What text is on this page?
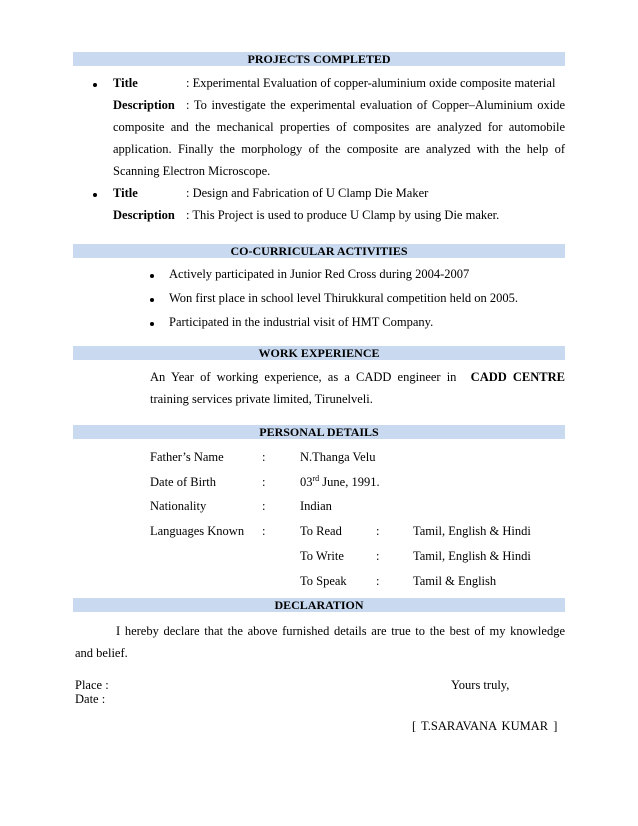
PROJECTS COMPLETED
Title	: Experimental Evaluation of copper-aluminium oxide composite material
Description : To investigate the experimental evaluation of Copper–Aluminium oxide
composite and the mechanical properties of composites are analyzed for automobile
application. Finally the morphology of the composite are analyzed with the help of
Scanning Electron Microscope.
Title	: Design and Fabrication of U Clamp Die Maker
Description : This Project is used to produce U Clamp by using Die maker.
CO-CURRICULAR ACTIVITIES
Actively participated in Junior Red Cross during 2004-2007
Won first place in school level Thirukkural competition held on 2005.
Participated in the industrial visit of HMT Company.
WORK EXPERIENCE
An Year of working experience, as a CADD engineer in CADD CENTRE
training services private limited, Tirunelveli.
PERSONAL DETAILS
Father’s Name	:	N.Thanga Velu
Date of Birth	:	03rd June, 1991.
Nationality	:	Indian
Languages Known :	To Read	:	Tamil, English & Hindi
To Write	:	Tamil, English & Hindi
To Speak :	Tamil & English
DECLARATION
I hereby declare that the above furnished details are true to the best of my knowledge
and belief.
Place :
Date :
Yours truly,
[ T.SARAVANA KUMAR ]
